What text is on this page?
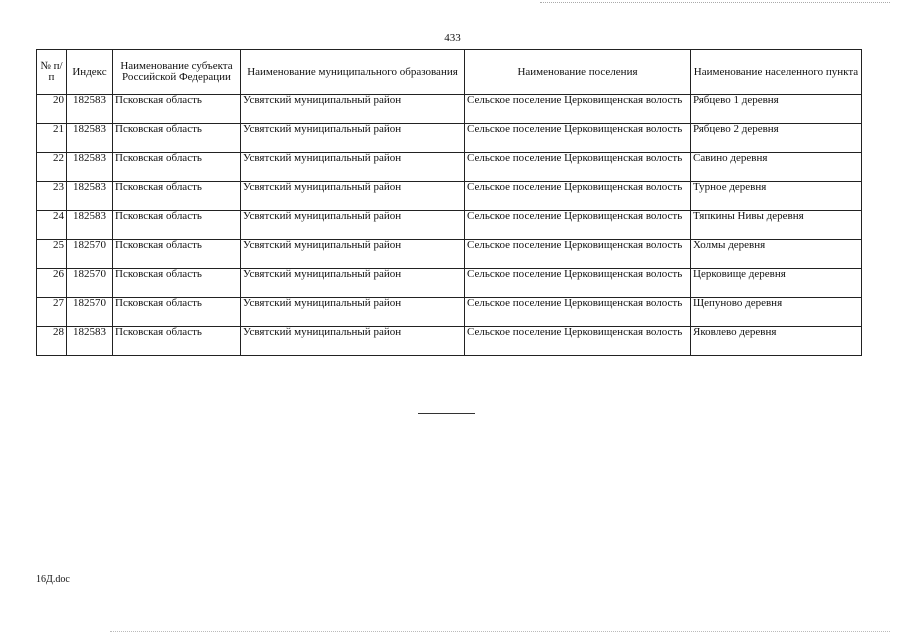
433
№ п/п	Индекс	Наименование субъекта Российской Федерации	Наименование муниципального образования	Наименование поселения	Наименование населенного пункта
20	182583	Псковская область	Усвятский муниципальный район	Сельское поселение Церковищенская волость	Рябцево 1 деревня
21	182583	Псковская область	Усвятский муниципальный район	Сельское поселение Церковищенская волость	Рябцево 2 деревня
22	182583	Псковская область	Усвятский муниципальный район	Сельское поселение Церковищенская волость	Савино деревня
23	182583	Псковская область	Усвятский муниципальный район	Сельское поселение Церковищенская волость	Турное деревня
24	182583	Псковская область	Усвятский муниципальный район	Сельское поселение Церковищенская волость	Тяпкины Нивы деревня
25	182570	Псковская область	Усвятский муниципальный район	Сельское поселение Церковищенская волость	Холмы деревня
26	182570	Псковская область	Усвятский муниципальный район	Сельское поселение Церковищенская волость	Церковище деревня
27	182570	Псковская область	Усвятский муниципальный район	Сельское поселение Церковищенская волость	Щепуново деревня
28	182583	Псковская область	Усвятский муниципальный район	Сельское поселение Церковищенская волость	Яковлево деревня
16Д.doc
